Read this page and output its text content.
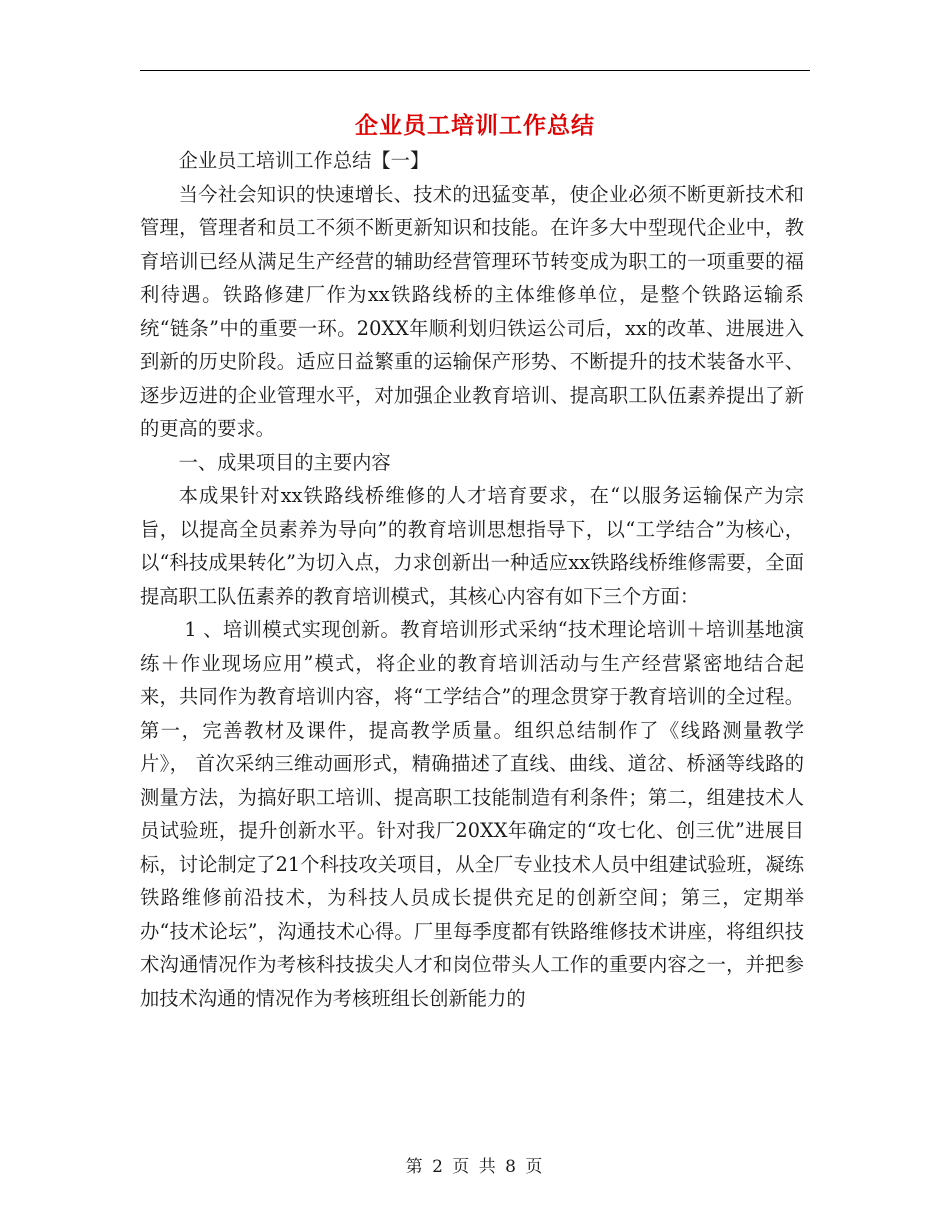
企业员工培训工作总结

企业员工培训工作总结【一】

当今社会知识的快速增长、技术的迅猛变革，使企业必须不断更新技术和管理，管理者和员工不须不断更新知识和技能。在许多大中型现代企业中，教育培训已经从满足生产经营的辅助经营管理环节转变成为职工的一项重要的福利待遇。铁路修建厂作为xx铁路线桥的主体维修单位，是整个铁路运输系统“链条”中的重要一环。20XX年顺利划归铁运公司后，xx的改革、进展进入到新的历史阶段。适应日益繁重的运输保产形势、不断提升的技术装备水平、逐步迈进的企业管理水平，对加强企业教育培训、提高职工队伍素养提出了新的更高的要求。

一、成果项目的主要内容

本成果针对xx铁路线桥维修的人才培育要求，在“以服务运输保产为宗旨，以提高全员素养为导向”的教育培训思想指导下，以“工学结合”为核心，以“科技成果转化”为切入点，力求创新出一种适应xx铁路线桥维修需要，全面提高职工队伍素养的教育培训模式，其核心内容有如下三个方面：

1 、培训模式实现创新。教育培训形式采纳“技术理论培训＋培训基地演练＋作业现场应用”模式，将企业的教育培训活动与生产经营紧密地结合起来，共同作为教育培训内容，将“工学结合”的理念贯穿于教育培训的全过程。第一，完善教材及课件，提高教学质量。组织总结制作了《线路测量教学片》， 首次采纳三维动画形式，精确描述了直线、曲线、道岔、桥涵等线路的测量方法，为搞好职工培训、提高职工技能制造有利条件；第二，组建技术人员试验班，提升创新水平。针对我厂20XX年确定的“攻七化、创三优”进展目标，讨论制定了21个科技攻关项目，从全厂专业技术人员中组建试验班，凝练铁路维修前沿技术，为科技人员成长提供充足的创新空间；第三，定期举办“技术论坛”，沟通技术心得。厂里每季度都有铁路维修技术讲座，将组织技术沟通情况作为考核科技拔尖人才和岗位带头人工作的重要内容之一，并把参加技术沟通的情况作为考核班组长创新能力的

第 2 页 共 8 页
